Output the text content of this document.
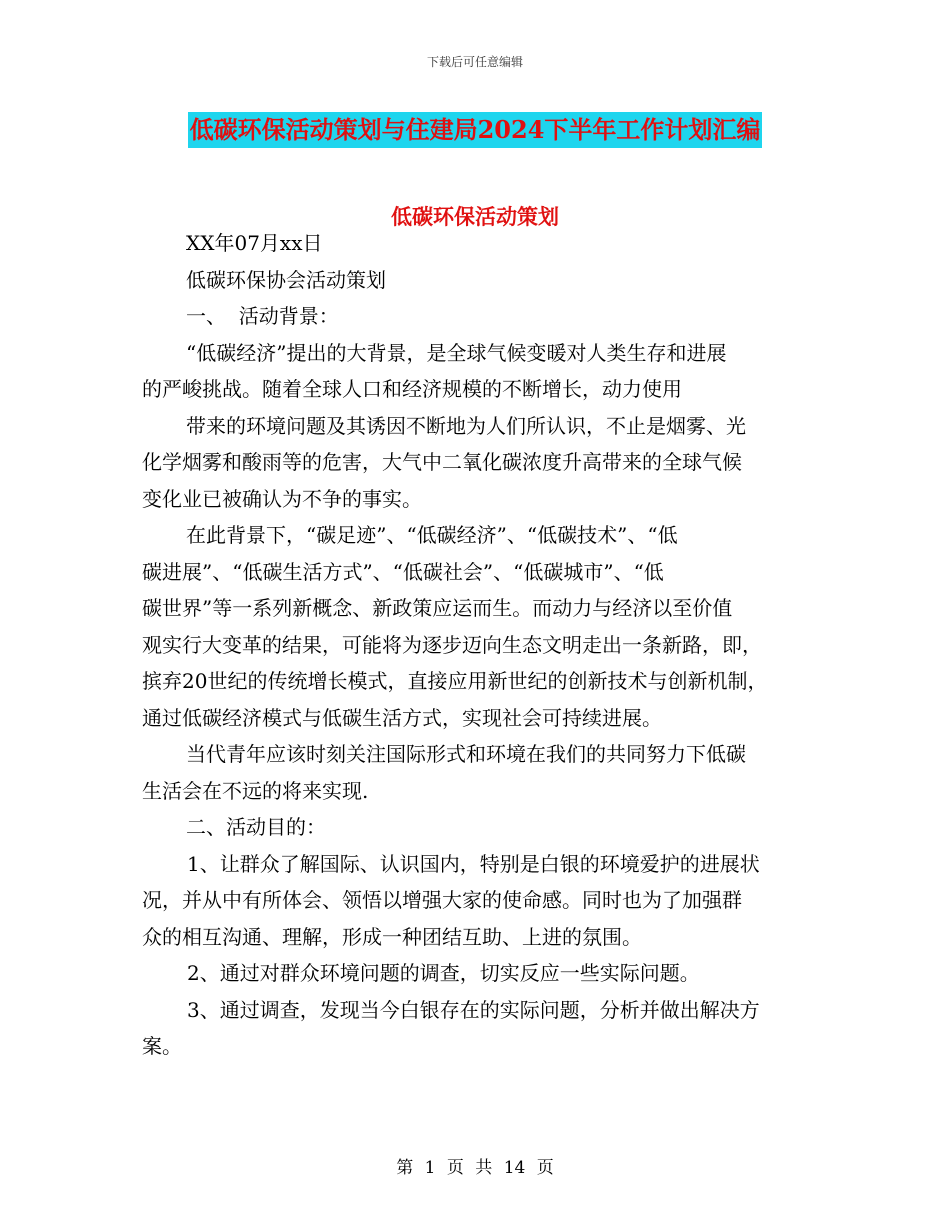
下载后可任意编辑
低碳环保活动策划与住建局2024下半年工作计划汇编
低碳环保活动策划
XX年07月xx日
低碳环保协会活动策划
一、  活动背景：
“低碳经济”提出的大背景，是全球气候变暖对人类生存和进展
的严峻挑战。随着全球人口和经济规模的不断增长，动力使用
带来的环境问题及其诱因不断地为人们所认识，不止是烟雾、光
化学烟雾和酸雨等的危害，大气中二氧化碳浓度升高带来的全球气候
变化业已被确认为不争的事实。
在此背景下，“碳足迹”、“低碳经济”、“低碳技术”、“低
碳进展”、“低碳生活方式”、“低碳社会”、“低碳城市”、“低
碳世界”等一系列新概念、新政策应运而生。而动力与经济以至价值
观实行大变革的结果，可能将为逐步迈向生态文明走出一条新路，即，
摈弃20世纪的传统增长模式，直接应用新世纪的创新技术与创新机制，
通过低碳经济模式与低碳生活方式，实现社会可持续进展。
当代青年应该时刻关注国际形式和环境在我们的共同努力下低碳
生活会在不远的将来实现.
二、活动目的：
1、让群众了解国际、认识国内，特别是白银的环境爱护的进展状
况，并从中有所体会、领悟以增强大家的使命感。同时也为了加强群
众的相互沟通、理解，形成一种团结互助、上进的氛围。
2、通过对群众环境问题的调查，切实反应一些实际问题。
3、通过调查，发现当今白银存在的实际问题，分析并做出解决方
案。
第 1 页 共 14 页
